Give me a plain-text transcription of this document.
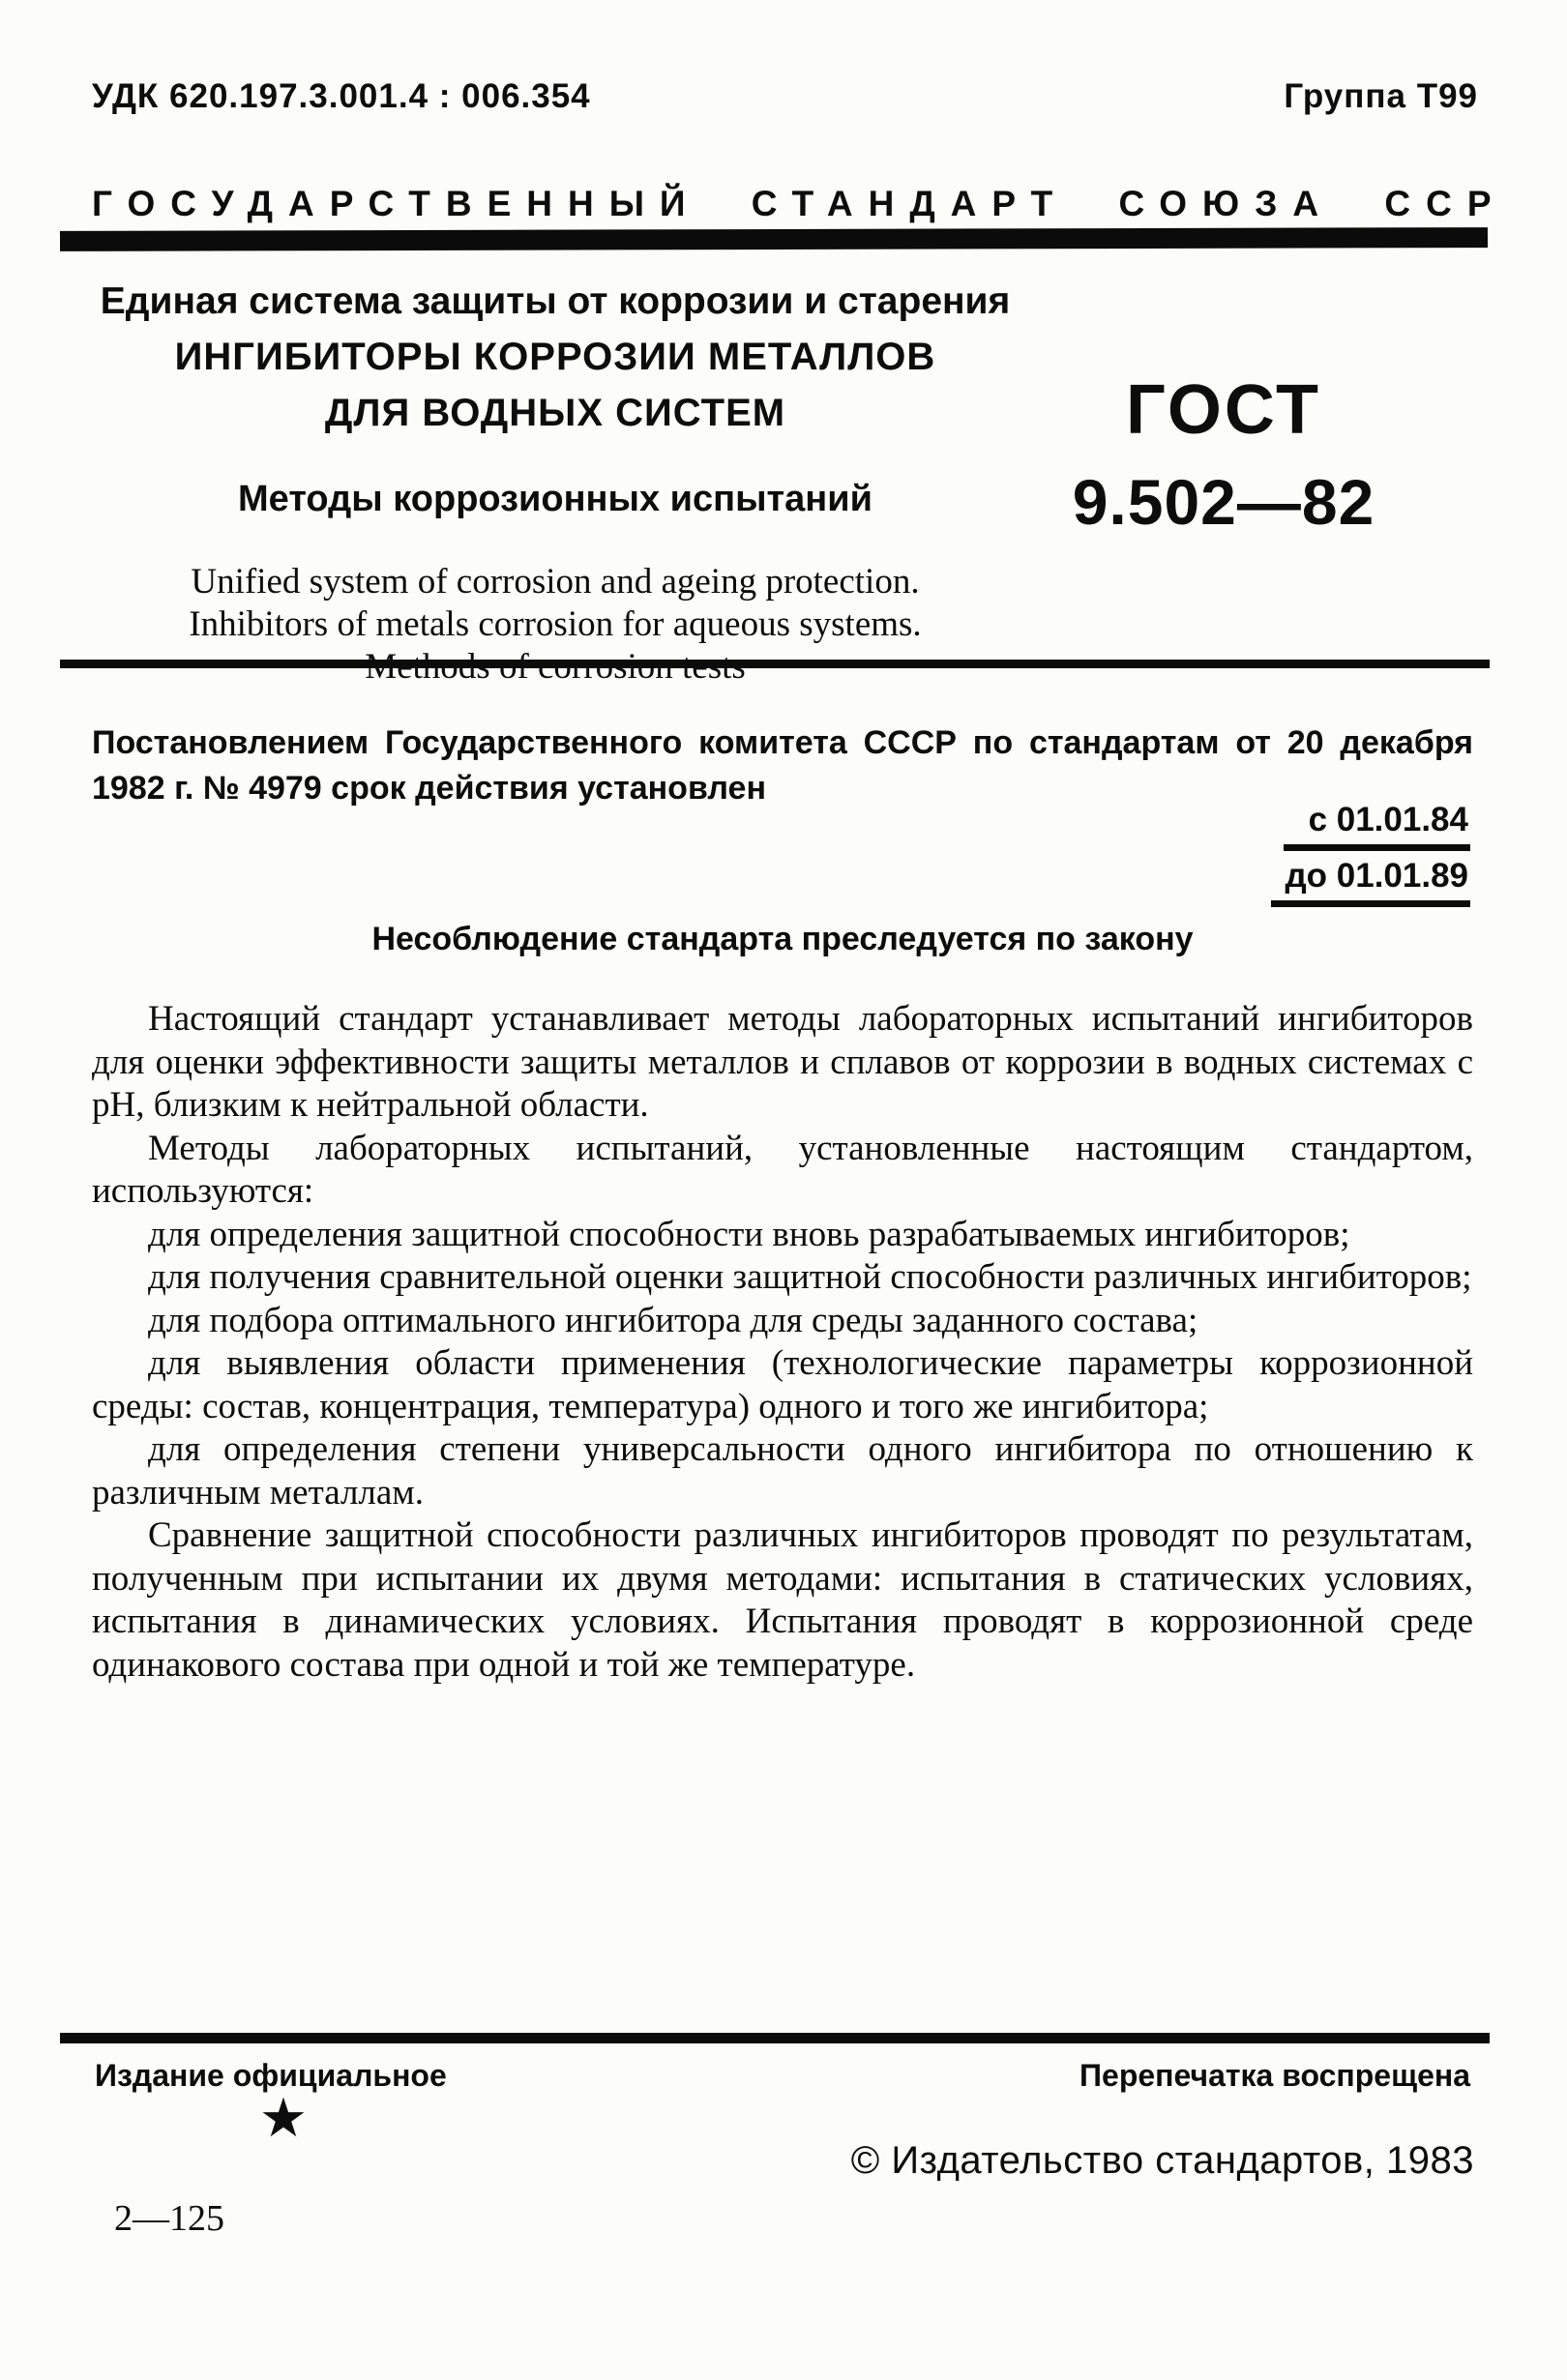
УДК 620.197.3.001.4 : 006.354	Группа Т99
ГОСУДАРСТВЕННЫЙ СТАНДАРТ СОЮЗА ССР

Единая система защиты от коррозии и старения

ИНГИБИТОРЫ КОРРОЗИИ МЕТАЛЛОВ

ДЛЯ ВОДНЫХ СИСТЕМ

Методы коррозионных испытаний

Unified system of corrosion and ageing protection.
Inhibitors of metals corrosion for aqueous systems.

ГОСТ

9.502—82

Постановлением Государственного комитета СССР по стандартам от 20 декабря 1982 г. № 4979 срок действия установлен
с 01.01.84
до 01.01.89
Несоблюдение стандарта преследуется по закону

Настоящий стандарт устанавливает методы лабораторных испытаний ингибиторов для оценки эффективности защиты металлов и сплавов от коррозии в водных системах с pH, близким к нейтральной области.

Методы лабораторных испытаний, установленные настоящим стандартом, используются:

для определения защитной способности вновь разрабатываемых ингибиторов;

для получения сравнительной оценки защитной способности различных ингибиторов;

для подбора оптимального ингибитора для среды заданного состава;

для выявления области применения (технологические параметры коррозионной среды: состав, концентрация, температура) одного и того же ингибитора;

для определения степени универсальности одного ингибитора по отношению к различным металлам.

Сравнение защитной способности различных ингибиторов проводят по результатам, полученным при испытании их двумя методами: испытания в статических условиях, испытания в динамических условиях. Испытания проводят в коррозионной среде одинакового состава при одной и той же температуре.

Издание официальное	Перепечатка воспрещена
★
© Издательство стандартов, 1983
2—125
